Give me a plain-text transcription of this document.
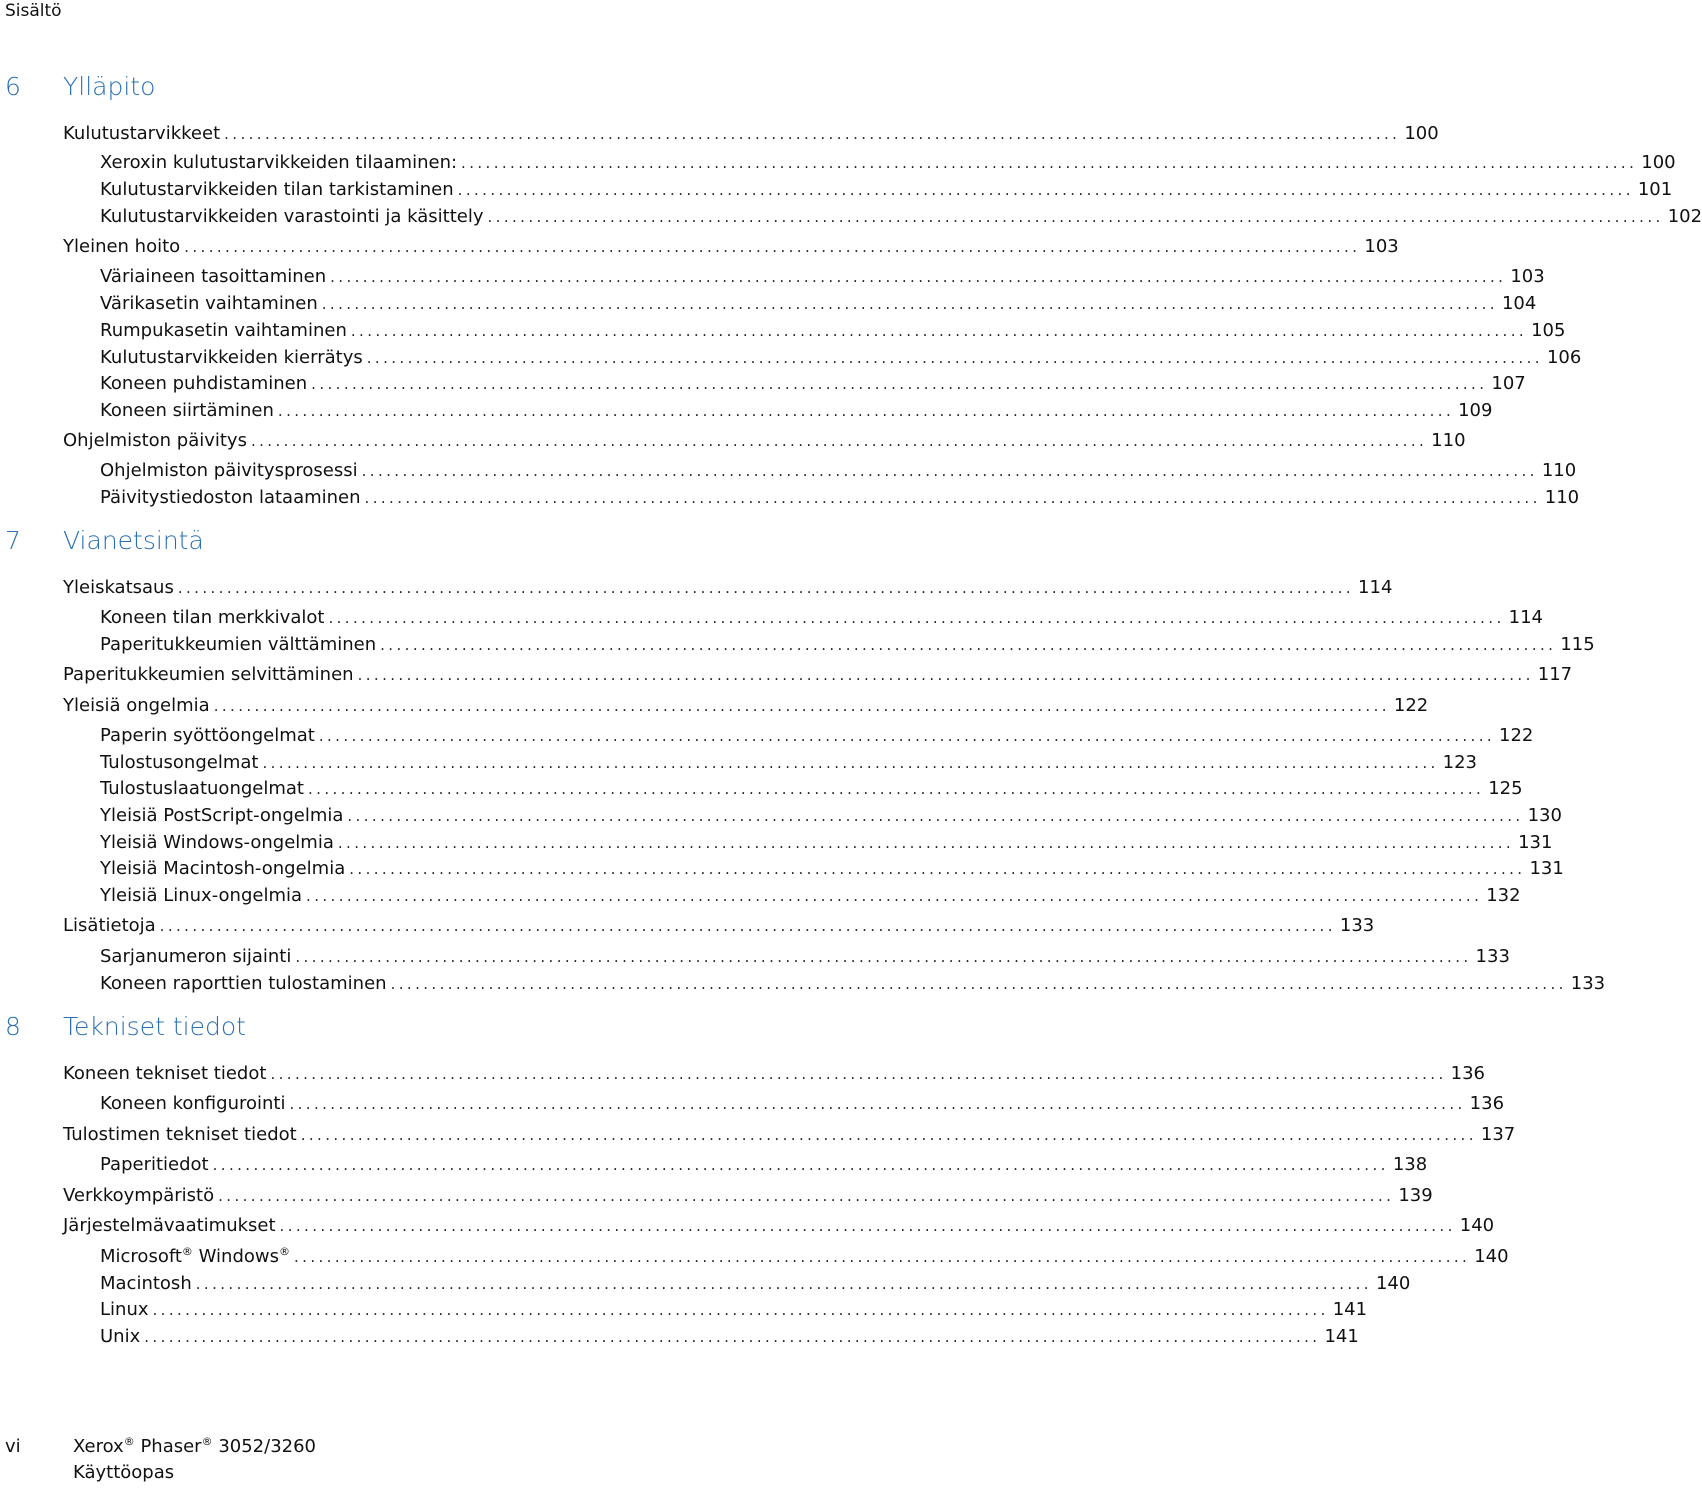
Sisältö
6	Ylläpito
Kulutustarvikkeet ................................................................................................................................................ 100
Xeroxin kulutustarvikkeiden tilaaminen: ................................................................................................................................................ 100
Kulutustarvikkeiden tilan tarkistaminen ................................................................................................................................................ 101
Kulutustarvikkeiden varastointi ja käsittely ................................................................................................................................................ 102
Yleinen hoito ................................................................................................................................................ 103
Väriaineen tasoittaminen ................................................................................................................................................ 103
Värikasetin vaihtaminen ................................................................................................................................................ 104
Rumpukasetin vaihtaminen ................................................................................................................................................ 105
Kulutustarvikkeiden kierrätys ................................................................................................................................................ 106
Koneen puhdistaminen ................................................................................................................................................ 107
Koneen siirtäminen ................................................................................................................................................ 109
Ohjelmiston päivitys ................................................................................................................................................ 110
Ohjelmiston päivitysprosessi ................................................................................................................................................ 110
Päivitystiedoston lataaminen ................................................................................................................................................ 110
7	Vianetsintä
Yleiskatsaus ................................................................................................................................................ 114
Koneen tilan merkkivalot ................................................................................................................................................ 114
Paperitukkeumien välttäminen ................................................................................................................................................ 115
Paperitukkeumien selvittäminen ................................................................................................................................................ 117
Yleisiä ongelmia ................................................................................................................................................ 122
Paperin syöttöongelmat ................................................................................................................................................ 122
Tulostusongelmat ................................................................................................................................................ 123
Tulostuslaatuongelmat ................................................................................................................................................ 125
Yleisiä PostScript-ongelmia ................................................................................................................................................ 130
Yleisiä Windows-ongelmia ................................................................................................................................................ 131
Yleisiä Macintosh-ongelmia ................................................................................................................................................ 131
Yleisiä Linux-ongelmia ................................................................................................................................................ 132
Lisätietoja ................................................................................................................................................ 133
Sarjanumeron sijainti ................................................................................................................................................ 133
Koneen raporttien tulostaminen ................................................................................................................................................ 133
8	Tekniset tiedot
Koneen tekniset tiedot ................................................................................................................................................ 136
Koneen konfigurointi ................................................................................................................................................ 136
Tulostimen tekniset tiedot ................................................................................................................................................ 137
Paperitiedot ................................................................................................................................................ 138
Verkkoympäristö ................................................................................................................................................ 139
Järjestelmävaatimukset ................................................................................................................................................ 140
Microsoft® Windows® ................................................................................................................................................ 140
Macintosh ................................................................................................................................................ 140
Linux ................................................................................................................................................ 141
Unix ................................................................................................................................................ 141
vi	Xerox® Phaser® 3052/3260
Käyttöopas
